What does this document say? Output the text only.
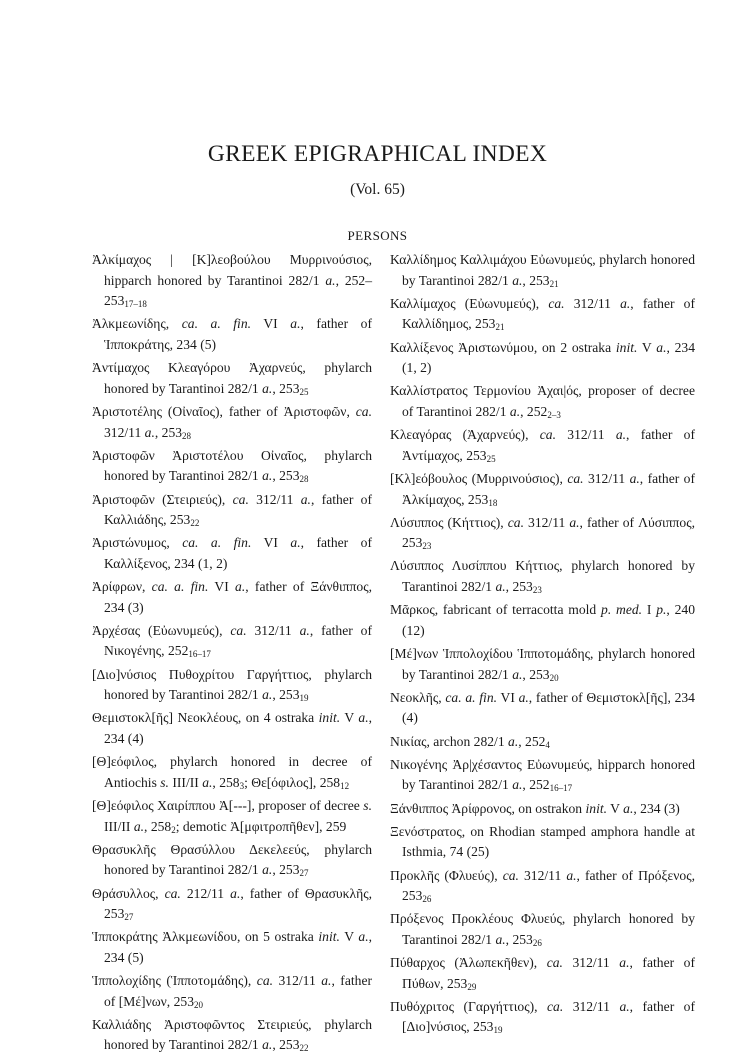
GREEK EPIGRAPHICAL INDEX
(Vol. 65)
PERSONS
Ἀλκίμαχος | [Κ]λεοβούλου Μυρρινούσιος, hipparch honored by Tarantinoi 282/1 a., $252-253_{17-18}$
Ἀλκμεωνίδης, ca. a. fin. VI a., father of Ἱπποκράτης, 234 (5)
Ἀντίμαχος Κλεαγόρου Ἀχαρνεύς, phylarch honored by Tarantinoi 282/1 a., $253_{25}$
Ἀριστοτέλης (Οἰναῖος), father of Ἀριστοφῶν, ca. 312/11 a., $253_{28}$
Ἀριστοφῶν Ἀριστοτέλου Οἰναῖος, phylarch honored by Tarantinoi 282/1 a., $253_{28}$
Ἀριστοφῶν (Στειριεύς), ca. 312/11 a., father of Καλλιάδης, $253_{22}$
Ἀριστώνυμος, ca. a. fin. VI a., father of Καλλίξενος, 234 (1, 2)
Ἀρίφρων, ca. a. fin. VI a., father of Ξάνθιππος, 234 (3)
Ἀρχέσας (Εὐωνυμεύς), ca. 312/11 a., father of Νικογένης, $252_{16-17}$
[Διο]νύσιος Πυθοχρίτου Γαργήττιος, phylarch honored by Tarantinoi 282/1 a., $253_{19}$
Θεμιστοκλ[ῆς] Νεοκλέους, on 4 ostraka init. V a., 234 (4)
[Θ]εόφιλος, phylarch honored in decree of Antiochis s. III/II a., $258_3$; Θε[όφιλος], $258_{12}$
[Θ]εόφιλος Χαιρίππου Ἀ[---], proposer of decree s. III/II a., $258_2$; demotic Ἀ[μφιτροπῆθεν], 259
Θρασυκλῆς Θρασύλλου Δεκελεεύς, phylarch honored by Tarantinoi 282/1 a., $253_{27}$
Θράσυλλος, ca. 212/11 a., father of Θρασυκλῆς, $253_{27}$
Ἱπποκράτης Ἀλκμεωνίδου, on 5 ostraka init. V a., 234 (5)
Ἱππολοχίδης (Ἱπποτομάδης), ca. 312/11 a., father of [Μέ]νων, $253_{20}$
Καλλιάδης Ἀριστοφῶντος Στειριεύς, phylarch honored by Tarantinoi 282/1 a., $253_{22}$
Καλλίδημος Καλλιμάχου Εὐωνυμεύς, phylarch honored by Tarantinoi 282/1 a., $253_{21}$
Καλλίμαχος (Εὐωνυμεύς), ca. 312/11 a., father of Καλλίδημος, $253_{21}$
Καλλίξενος Ἀριστωνύμου, on 2 ostraka init. V a., 234 (1, 2)
Καλλίστρατος Τερμονίου Ἀχαι|ός, proposer of decree of Tarantinoi 282/1 a., $252_{2-3}$
Κλεαγόρας (Ἀχαρνεύς), ca. 312/11 a., father of Ἀντίμαχος, $253_{25}$
[Κλ]εόβουλος (Μυρρινούσιος), ca. 312/11 a., father of Ἀλκίμαχος, $253_{18}$
Λύσιππος (Κήττιος), ca. 312/11 a., father of Λύσιππος, $253_{23}$
Λύσιππος Λυσίππου Κήττιος, phylarch honored by Tarantinoi 282/1 a., $253_{23}$
Μᾶρκος, fabricant of terracotta mold p. med. I p., 240 (12)
[Μέ]νων Ἱππολοχίδου Ἱπποτομάδης, phylarch honored by Tarantinoi 282/1 a., $253_{20}$
Νεοκλῆς, ca. a. fin. VI a., father of Θεμιστοκλ[ῆς], 234 (4)
Νικίας, archon 282/1 a., $252_4$
Νικογένης Ἀρ|χέσαντος Εὐωνυμεύς, hipparch honored by Tarantinoi 282/1 a., $252_{16-17}$
Ξάνθιππος Ἀρίφρονος, on ostrakon init. V a., 234 (3)
Ξενόστρατος, on Rhodian stamped amphora handle at Isthmia, 74 (25)
Προκλῆς (Φλυεύς), ca. 312/11 a., father of Πρόξενος, $253_{26}$
Πρόξενος Προκλέους Φλυεύς, phylarch honored by Tarantinoi 282/1 a., $253_{26}$
Πύθαρχος (Ἀλωπεκῆθεν), ca. 312/11 a., father of Πύθων, $253_{29}$
Πυθόχριτος (Γαργήττιος), ca. 312/11 a., father of [Διο]νύσιος, $253_{19}$
